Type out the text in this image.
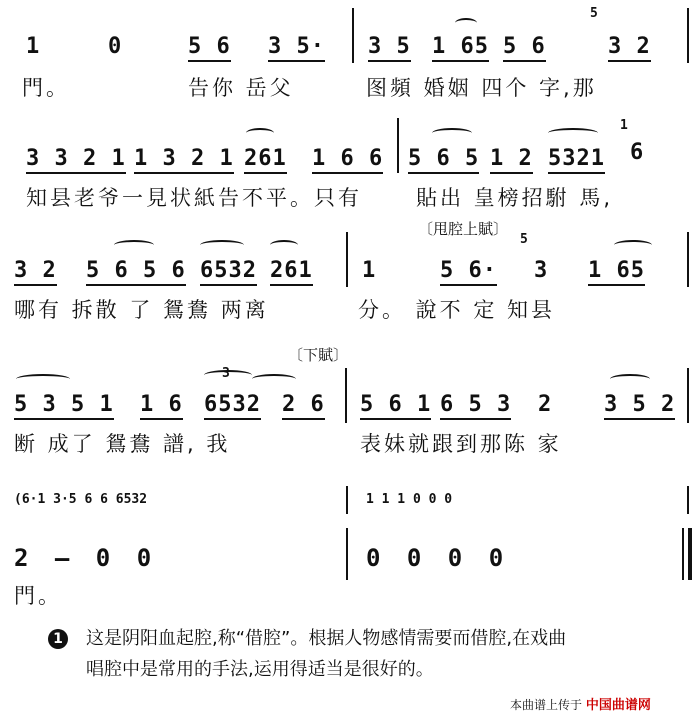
1	0	5 6 3 5· 3 5 1 65 5 6
5
3 2
門。	告你 岳父	图頻 婚姻 四个 字,那
3 3 2 1 1 3 2 1 261 1 6 6 5 6 5 1 2 5321
1
6
知县老爷一見状紙告不平。只有	貼出 皇榜招駙 馬,
〔甩腔上賦〕
3 2 5 6 5 6 6532 261 1	5 6·
5
3 1 65
哪有 拆散 了 鴛鴦 两离	分。 說不 定 知县
〔下賦〕
5 3 5 1 1 6
3
6532 2 6 5 6 1 6 5 3 2 3 5 2
断 成了 鴛鴦 譜, 我	表妹就跟到那陈 家
(6·1 3·5 6 6 6532	1 1 1 0 0 0
2 – 0 0	0 0 0 0
門。
1 这是阴阳血起腔,称“借腔”。根据人物感情需要而借腔,在戏曲
唱腔中是常用的手法,运用得适当是很好的。
本曲谱上传于 中国曲谱网
